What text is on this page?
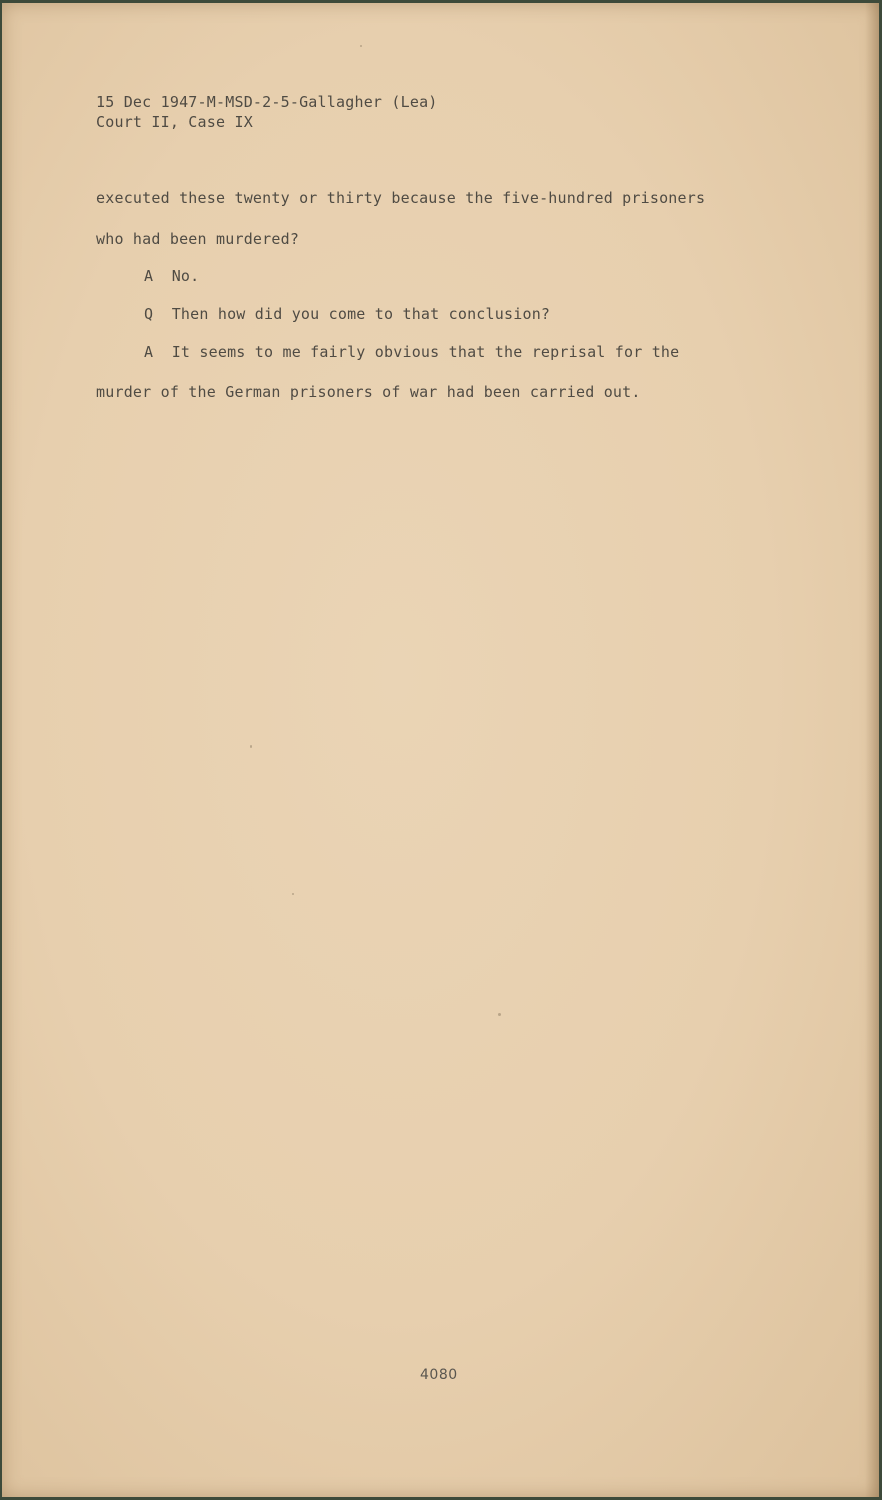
15 Dec 1947-M-MSD-2-5-Gallagher (Lea)
Court II, Case IX
executed these twenty or thirty because the five-hundred prisoners
who had been murdered?
A  No.
Q  Then how did you come to that conclusion?
A  It seems to me fairly obvious that the reprisal for the
murder of the German prisoners of war had been carried out.
4080
